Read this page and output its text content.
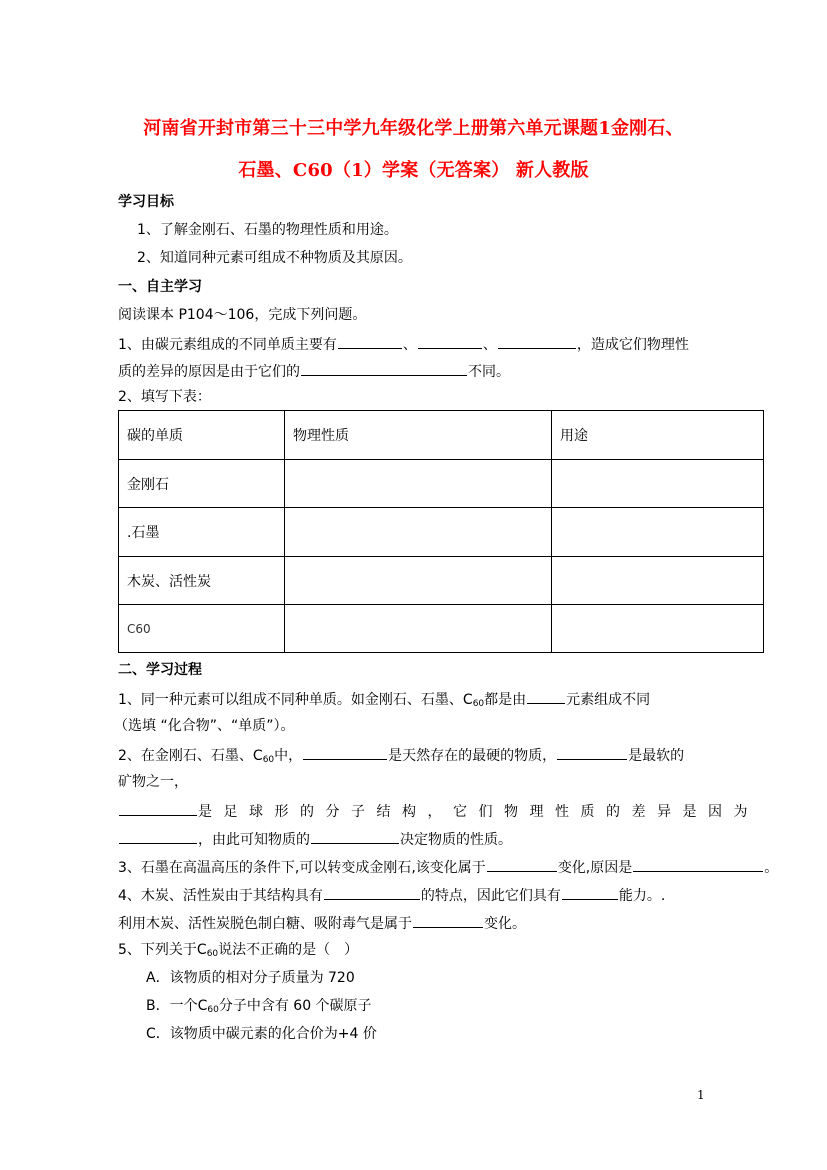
河南省开封市第三十三中学九年级化学上册第六单元课题1金刚石、
石墨、C60（1）学案（无答案） 新人教版
学习目标
1、了解金刚石、石墨的物理性质和用途。
2、知道同种元素可组成不种物质及其原因。
一、自主学习
阅读课本 P104～106，完成下列问题。
1、由碳元素组成的不同单质主要有	、	、	，造成它们物理性
质的差异的原因是由于它们的	不同。
2、填写下表：
碳的单质	物理性质	用途
金刚石		
.石墨		
木炭、活性炭		
C60		
二、学习过程
1、同一种元素可以组成不同种单质。如金刚石、石墨、$C_{60}$都是由	元素组成不同
（选填 “化合物”、“单质”）。
2、在金刚石、石墨、$C_{60}$中，	是天然存在的最硬的物质，	是最软的
矿物之一，
是足球形的分子结构，它们物理性质的差异是因为
，由此可知物质的	决定物质的性质。
3、石墨在高温高压的条件下,可以转变成金刚石,该变化属于	变化,原因是	。
4、木炭、活性炭由于其结构具有	的特点，因此它们具有	能力。.
利用木炭、活性炭脱色制白糖、吸附毒气是属于	变化。
5、下列关于$C_{60}$说法不正确的是（　）
A．该物质的相对分子质量为 720
B．一个$C_{60}$分子中含有 60 个碳原子
C．该物质中碳元素的化合价为+4 价
1
